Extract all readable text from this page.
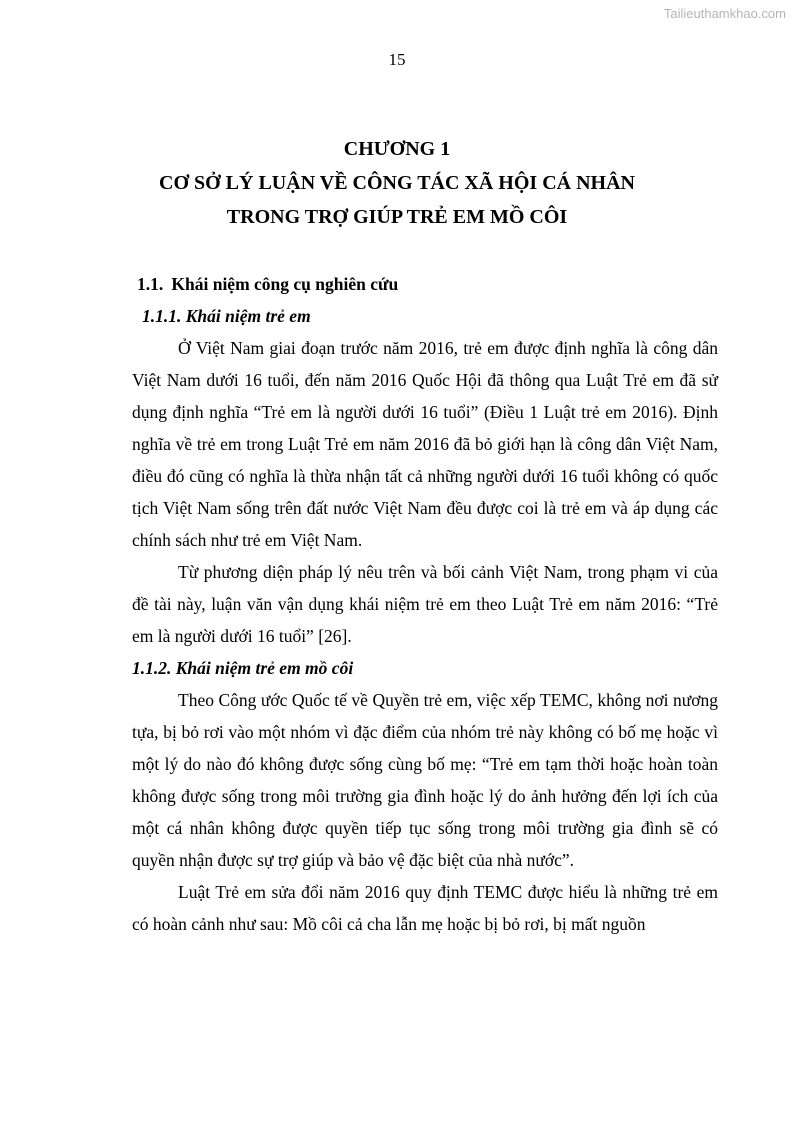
Tailieuthamkhao.com
15
CHƯƠNG 1
CƠ SỞ LÝ LUẬN VỀ CÔNG TÁC XÃ HỘI CÁ NHÂN
TRONG TRỢ GIÚP TRẺ EM MỒ CÔI
1.1. Khái niệm công cụ nghiên cứu
1.1.1. Khái niệm trẻ em

Ở Việt Nam giai đoạn trước năm 2016, trẻ em được định nghĩa là công dân Việt Nam dưới 16 tuổi, đến năm 2016 Quốc Hội đã thông qua Luật Trẻ em đã sử dụng định nghĩa “Trẻ em là người dưới 16 tuổi” (Điều 1 Luật trẻ em 2016). Định nghĩa về trẻ em trong Luật Trẻ em năm 2016 đã bỏ giới hạn là công dân Việt Nam, điều đó cũng có nghĩa là thừa nhận tất cả những người dưới 16 tuổi không có quốc tịch Việt Nam sống trên đất nước Việt Nam đều được coi là trẻ em và áp dụng các chính sách như trẻ em Việt Nam.

Từ phương diện pháp lý nêu trên và bối cảnh Việt Nam, trong phạm vi của đề tài này, luận văn vận dụng khái niệm trẻ em theo Luật Trẻ em năm 2016: “Trẻ em là người dưới 16 tuổi” [26].

1.1.2. Khái niệm trẻ em mồ côi

Theo Công ước Quốc tế về Quyền trẻ em, việc xếp TEMC, không nơi nương tựa, bị bỏ rơi vào một nhóm vì đặc điểm của nhóm trẻ này không có bố mẹ hoặc vì một lý do nào đó không được sống cùng bố mẹ: “Trẻ em tạm thời hoặc hoàn toàn không được sống trong môi trường gia đình hoặc lý do ảnh hưởng đến lợi ích của một cá nhân không được quyền tiếp tục sống trong môi trường gia đình sẽ có quyền nhận được sự trợ giúp và bảo vệ đặc biệt của nhà nước”.

Luật Trẻ em sửa đổi năm 2016 quy định TEMC được hiểu là những trẻ em có hoàn cảnh như sau: Mồ côi cả cha lẫn mẹ hoặc bị bỏ rơi, bị mất nguồn
